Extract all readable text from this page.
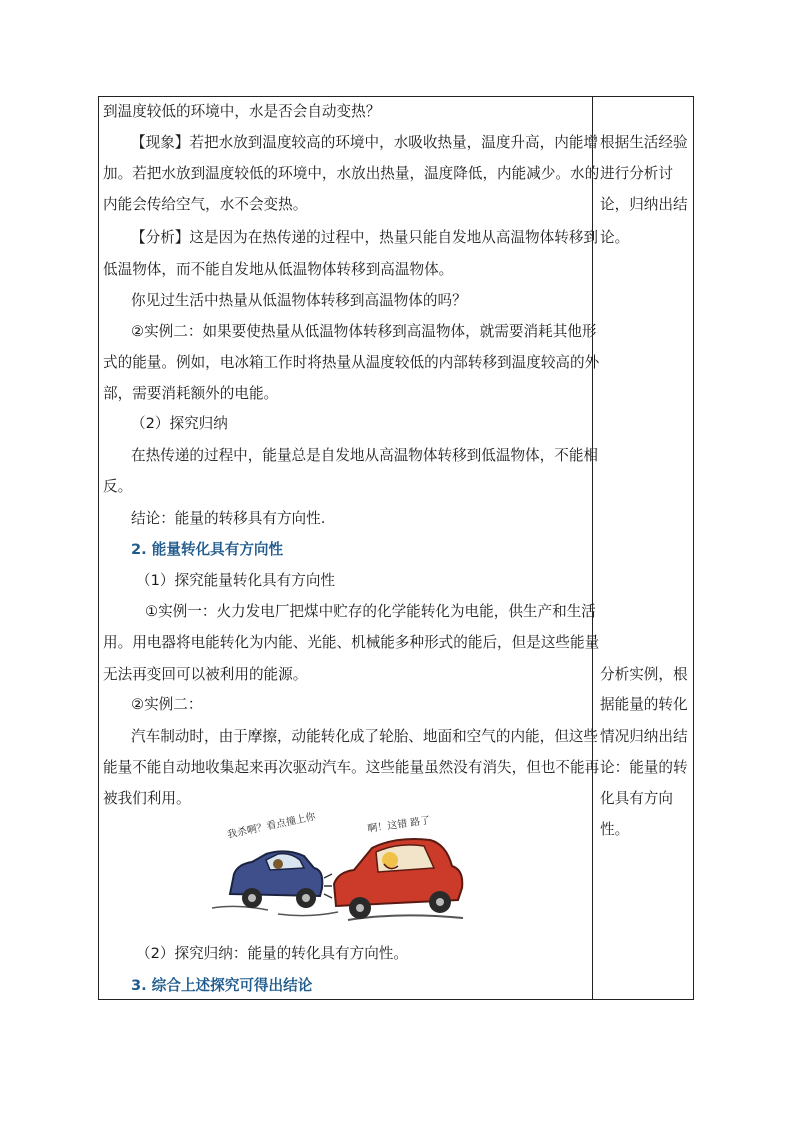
到温度较低的环境中，水是否会自动变热？
【现象】若把水放到温度较高的环境中，水吸收热量，温度升高，内能增
加。若把水放到温度较低的环境中，水放出热量，温度降低，内能减少。水的
内能会传给空气，水不会变热。
【分析】这是因为在热传递的过程中，热量只能自发地从高温物体转移到
低温物体，而不能自发地从低温物体转移到高温物体。
你见过生活中热量从低温物体转移到高温物体的吗？
②实例二：如果要使热量从低温物体转移到高温物体，就需要消耗其他形
式的能量。例如，电冰箱工作时将热量从温度较低的内部转移到温度较高的外
部，需要消耗额外的电能。
（2）探究归纳
在热传递的过程中，能量总是自发地从高温物体转移到低温物体，不能相
反。
结论：能量的转移具有方向性.
2. 能量转化具有方向性
（1）探究能量转化具有方向性
①实例一：火力发电厂把煤中贮存的化学能转化为电能，供生产和生活
用。用电器将电能转化为内能、光能、机械能多种形式的能后，但是这些能量
无法再变回可以被利用的能源。
②实例二：
汽车制动时，由于摩擦，动能转化成了轮胎、地面和空气的内能，但这些
能量不能自动地收集起来再次驱动汽车。这些能量虽然没有消失，但也不能再
被我们利用。
我杀啊？看点撞上你	啊！这错 路了
（2）探究归纳：能量的转化具有方向性。
3. 综合上述探究可得出结论
根据生活经验
进行分析讨
论，归纳出结
论。
分析实例，根
据能量的转化
情况归纳出结
论：能量的转
化具有方向
性。
